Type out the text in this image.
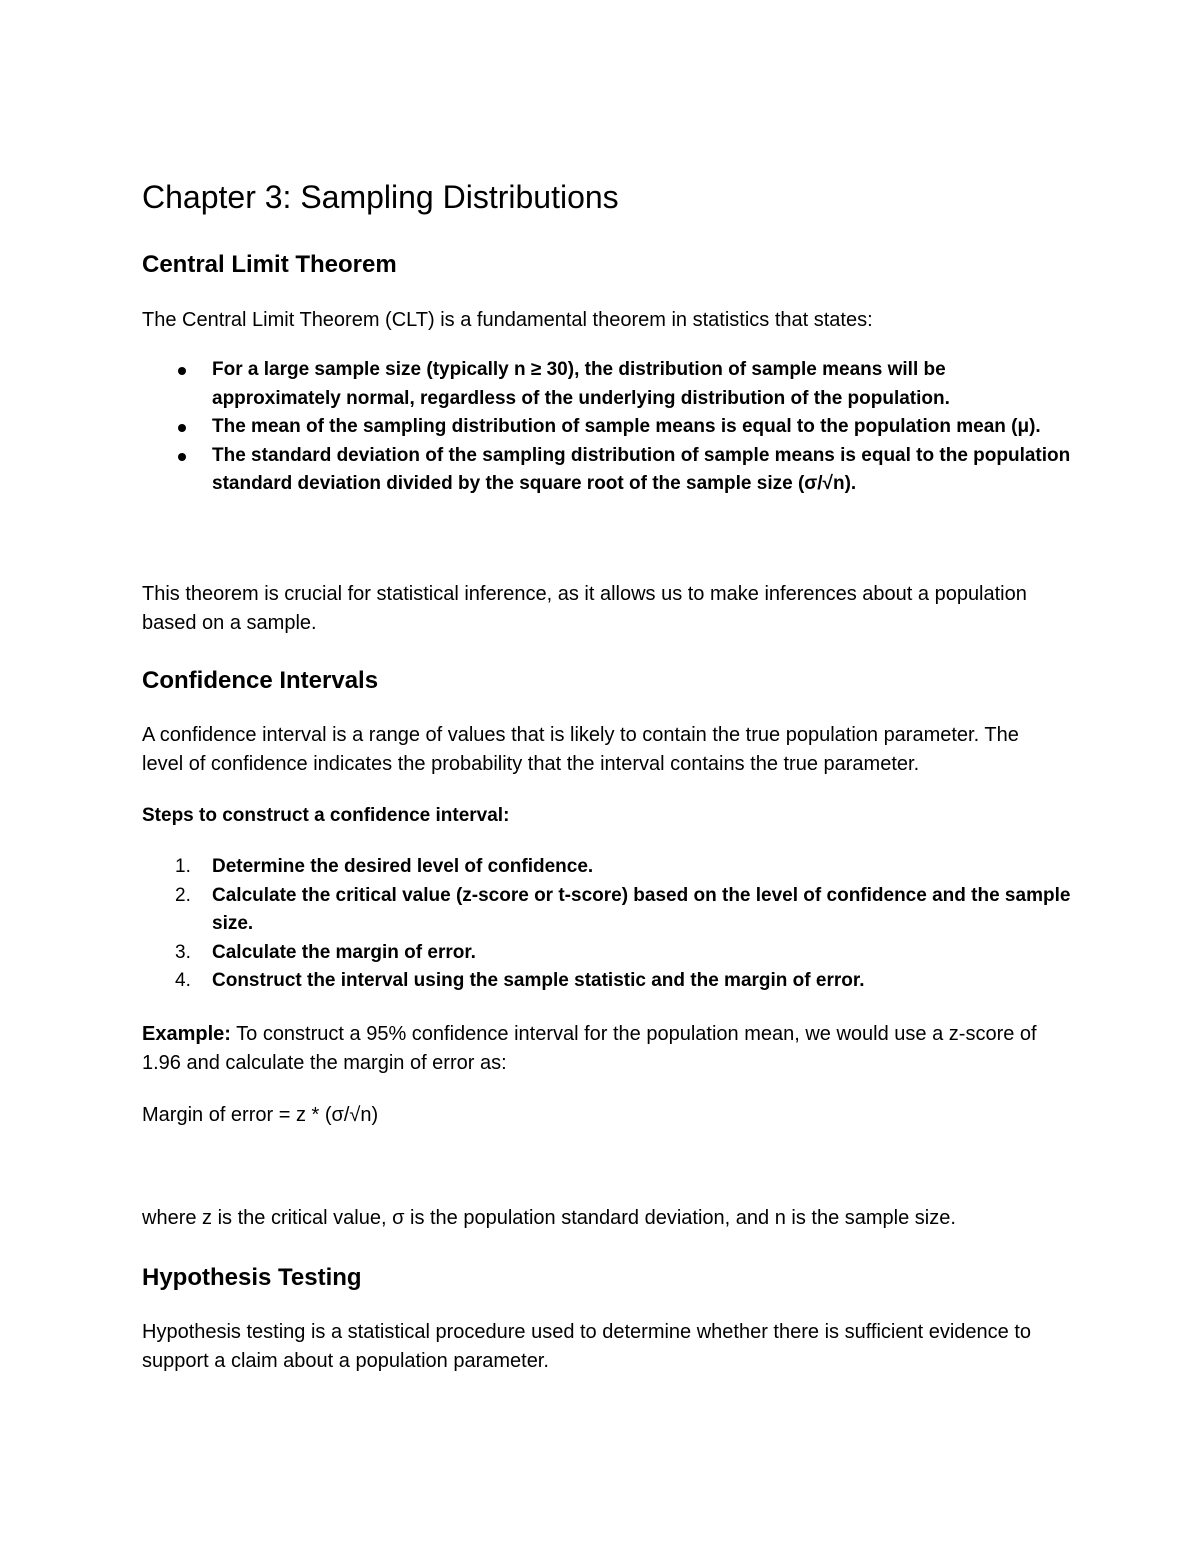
Chapter 3: Sampling Distributions
Central Limit Theorem

The Central Limit Theorem (CLT) is a fundamental theorem in statistics that states:

For a large sample size (typically n ≥ 30), the distribution of sample means will be approximately normal, regardless of the underlying distribution of the population.
The mean of the sampling distribution of sample means is equal to the population mean (μ).
The standard deviation of the sampling distribution of sample means is equal to the population standard deviation divided by the square root of the sample size (σ/√n).

This theorem is crucial for statistical inference, as it allows us to make inferences about a population based on a sample.

Confidence Intervals

A confidence interval is a range of values that is likely to contain the true population parameter. The level of confidence indicates the probability that the interval contains the true parameter.

Steps to construct a confidence interval:

1. Determine the desired level of confidence.
2. Calculate the critical value (z-score or t-score) based on the level of confidence and the sample size.
3. Calculate the margin of error.
4. Construct the interval using the sample statistic and the margin of error.

Example: To construct a 95% confidence interval for the population mean, we would use a z-score of 1.96 and calculate the margin of error as:

Margin of error = z * (σ/√n)

where z is the critical value, σ is the population standard deviation, and n is the sample size.

Hypothesis Testing

Hypothesis testing is a statistical procedure used to determine whether there is sufficient evidence to support a claim about a population parameter.
